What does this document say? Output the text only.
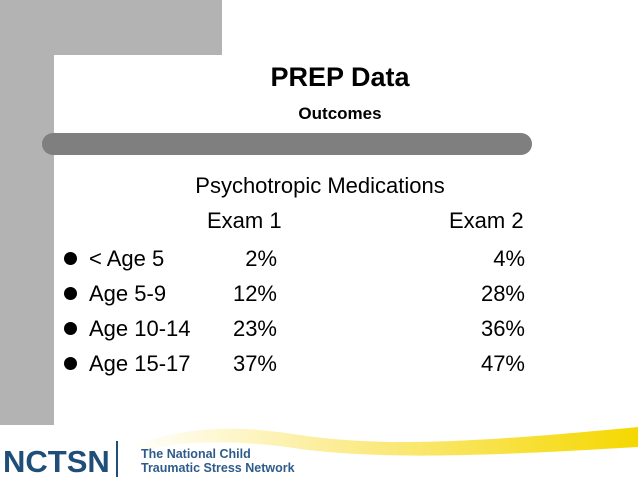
PREP Data
Outcomes
Psychotropic Medications
Exam 1	Exam 2
< Age 5	2%	4%
Age 5-9	12%	28%
Age 10-14 23%	36%
Age 15-17 37%	47%
NCTSN The National Child
Traumatic Stress Network
